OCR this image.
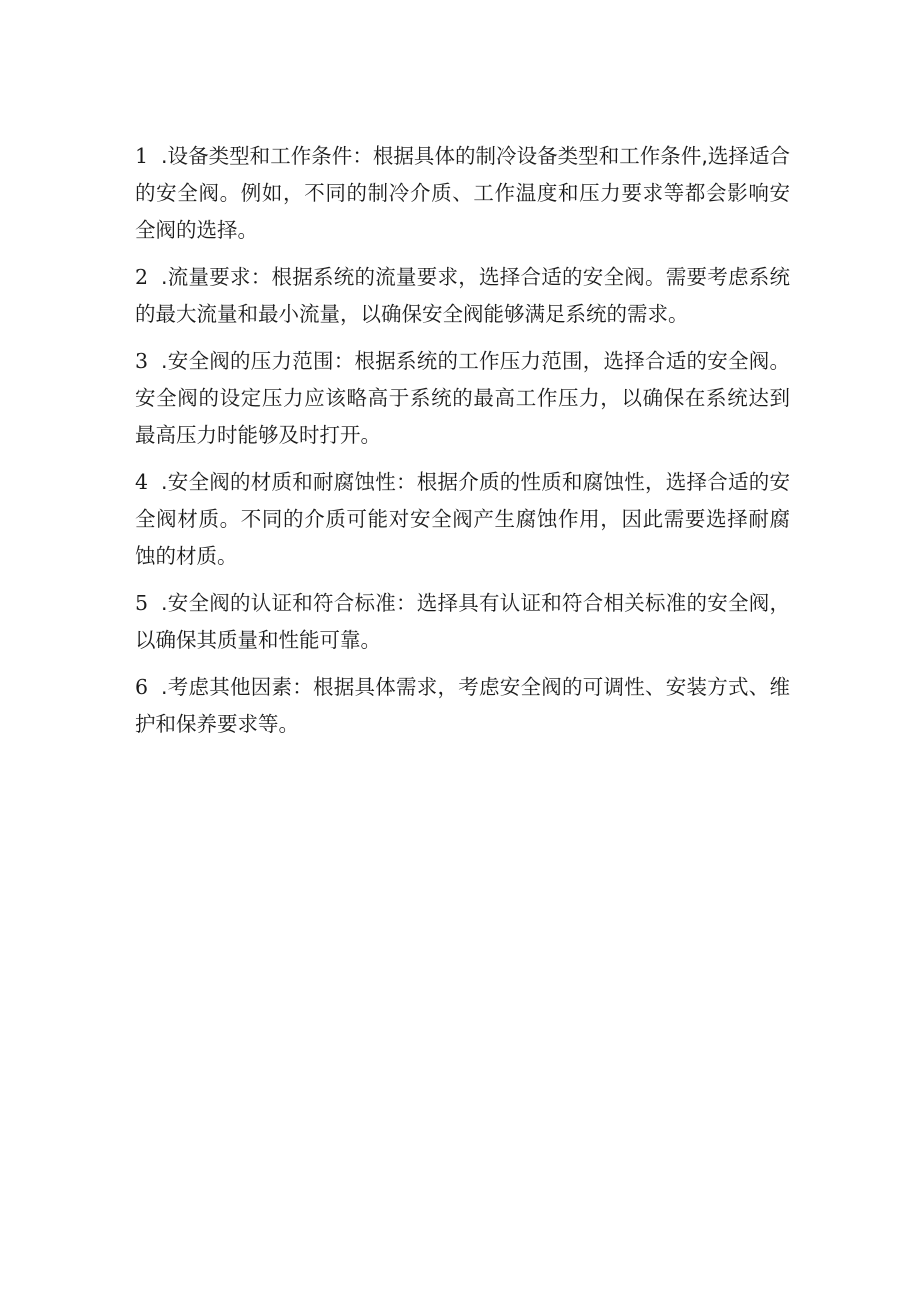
1 .设备类型和工作条件：根据具体的制冷设备类型和工作条件,选择适合的安全阀。例如，不同的制冷介质、工作温度和压力要求等都会影响安全阀的选择。
2 .流量要求：根据系统的流量要求，选择合适的安全阀。需要考虑系统的最大流量和最小流量，以确保安全阀能够满足系统的需求。
3 .安全阀的压力范围：根据系统的工作压力范围，选择合适的安全阀。安全阀的设定压力应该略高于系统的最高工作压力，以确保在系统达到最高压力时能够及时打开。
4 .安全阀的材质和耐腐蚀性：根据介质的性质和腐蚀性，选择合适的安全阀材质。不同的介质可能对安全阀产生腐蚀作用，因此需要选择耐腐蚀的材质。
5 .安全阀的认证和符合标准：选择具有认证和符合相关标准的安全阀，以确保其质量和性能可靠。
6 .考虑其他因素：根据具体需求，考虑安全阀的可调性、安装方式、维护和保养要求等。
